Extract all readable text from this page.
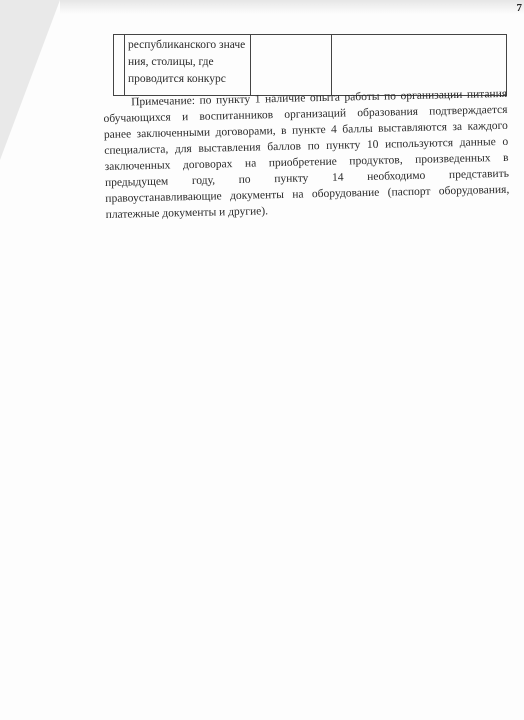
7

республиканского значе
ния, столицы, где
проводится конкурс

Примечание: по пункту 1 наличие опыта работы по организации питания
обучающихся и воспитанников организаций образования подтверждается
ранее заключенными договорами, в пункте 4 баллы выставляются за каждого
специалиста, для выставления баллов по пункту 10 используются данные о
заключенных договорах на приобретение продуктов, произведенных в
предыдущем году, по пункту 14 необходимо представить
правоустанавливающие документы на оборудование (паспорт оборудования,
платежные документы и другие).
